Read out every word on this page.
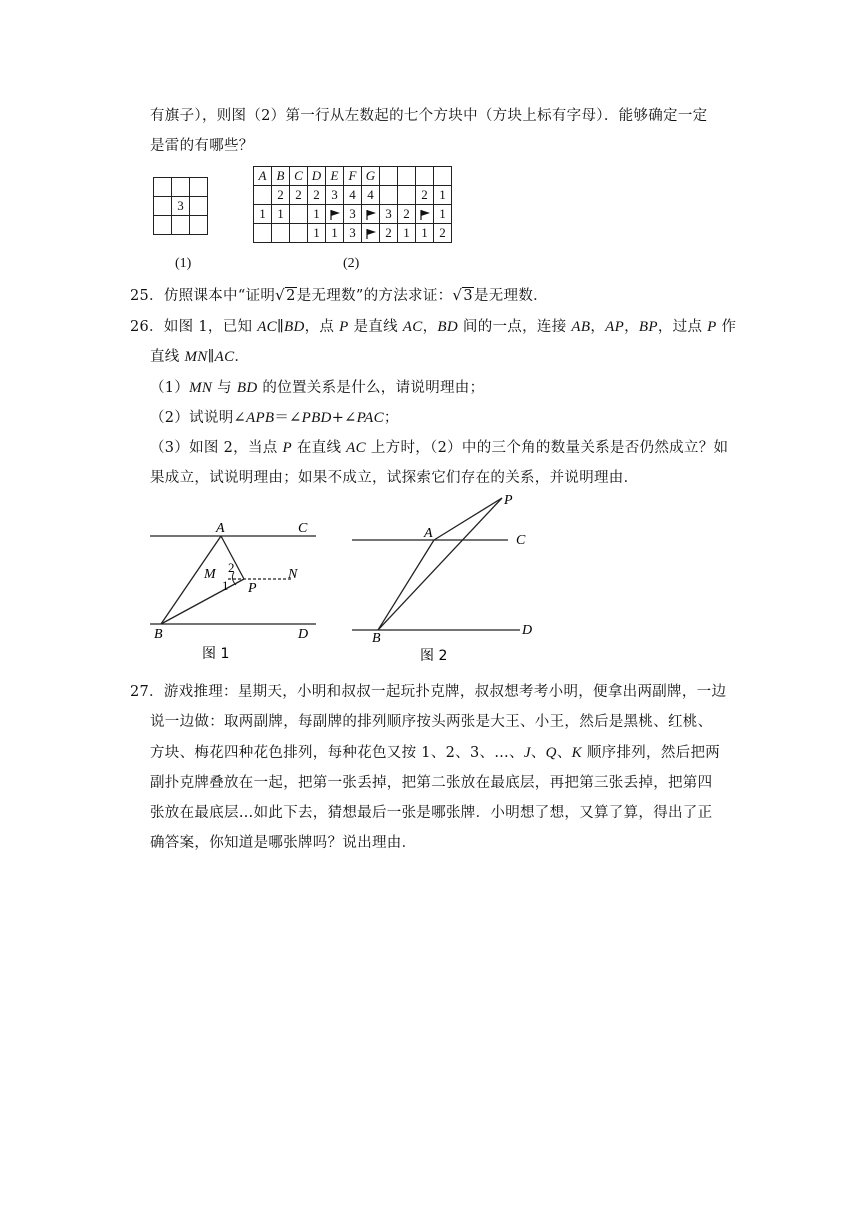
有旗子），则图（2）第一行从左数起的七个方块中（方块上标有字母）．能够确定一定
是雷的有哪些？

	3	

(1)
A	B	C	D	E	F	G				
	2	2	2	3	4	4			2	1
1	1		1		3		3	2		1
			1	1	3		2	1	1	2
(2)
25．仿照课本中“证明 √ 2是无理数”的方法求证： √ 3是无理数．
26．如图 1，已知 AC∥BD，点 P 是直线 AC，BD 间的一点，连接 AB，AP，BP，过点 P 作
直线 MN∥AC．
（1）MN 与 BD 的位置关系是什么，请说明理由；
（2）试说明∠APB＝∠PBD+∠PAC；
（3）如图 2，当点 P 在直线 AC 上方时，（2）中的三个角的数量关系是否仍然成立？如
果成立，试说明理由；如果不成立，试探索它们存在的关系，并说明理由．
A	C
M 2
1 P
N
B	D
图 1
P
A	C
B
D
图 2
27．游戏推理：星期天，小明和叔叔一起玩扑克牌，叔叔想考考小明，便拿出两副牌，一边
说一边做：取两副牌，每副牌的排列顺序按头两张是大王、小王，然后是黑桃、红桃、
方块、梅花四种花色排列，每种花色又按 1、2、3、…、J、Q、K 顺序排列，然后把两
副扑克牌叠放在一起，把第一张丢掉，把第二张放在最底层，再把第三张丢掉，把第四
张放在最底层…如此下去，猜想最后一张是哪张牌．小明想了想，又算了算，得出了正
确答案，你知道是哪张牌吗？说出理由．
